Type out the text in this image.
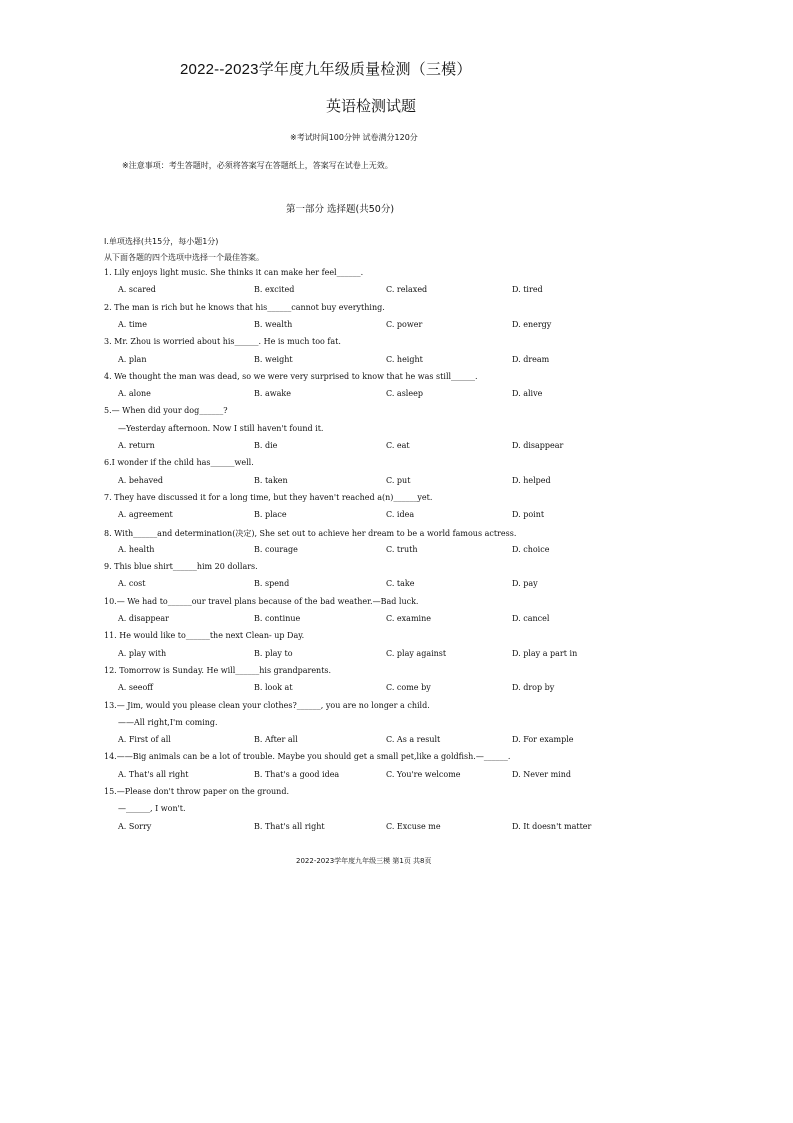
2022--2023学年度九年级质量检测（三模）
英语检测试题
※考试时间100分钟 试卷满分120分
※注意事项：考生答题时，必须将答案写在答题纸上，答案写在试卷上无效。
第一部分 选择题(共50分)
I.单项选择(共15分，每小题1分)
从下面各题的四个选项中选择一个最佳答案。
1. Lily enjoys light music. She thinks it can make her feel______.
A. scared	B. excited	C. relaxed	D. tired
2. The man is rich but he knows that his______cannot buy everything.
A. time	B. wealth	C. power	D. energy
3. Mr. Zhou is worried about his______. He is much too fat.
A. plan	B. weight	C. height	D. dream
4. We thought the man was dead, so we were very surprised to know that he was still______.
A. alone	B. awake	C. asleep	D. alive
5.— When did your dog______?
—Yesterday afternoon. Now I still haven't found it.
A. return	B. die	C. eat	D. disappear
6.I wonder if the child has______well.
A. behaved	B. taken	C. put	D. helped
7. They have discussed it for a long time, but they haven't reached a(n)______yet.
A. agreement	B. place	C. idea	D. point
8. With______and determination(决定), She set out to achieve her dream to be a world famous actress.
A. health	B. courage	C. truth	D. choice
9. This blue shirt______him 20 dollars.
A. cost	B. spend	C. take	D. pay
10.— We had to______our travel plans because of the bad weather.—Bad luck.
A. disappear	B. continue	C. examine	D. cancel
11. He would like to______the next Clean- up Day.
A. play with	B. play to	C. play against	D. play a part in
12. Tomorrow is Sunday. He will______his grandparents.
A. seeoff	B. look at	C. come by	D. drop by
13.— Jim, would you please clean your clothes?______, you are no longer a child.
——All right,I'm coming.
A. First of all	B. After all	C. As a result	D. For example
14.——Big animals can be a lot of trouble. Maybe you should get a small pet,like a goldfish.—______.
A. That's all right	B. That's a good idea	C. You're welcome	D. Never mind
15.—Please don't throw paper on the ground.
—______, I won't.
A. Sorry	B. That's all right	C. Excuse me	D. It doesn't matter
2022-2023学年度九年级三模 第1页 共8页
